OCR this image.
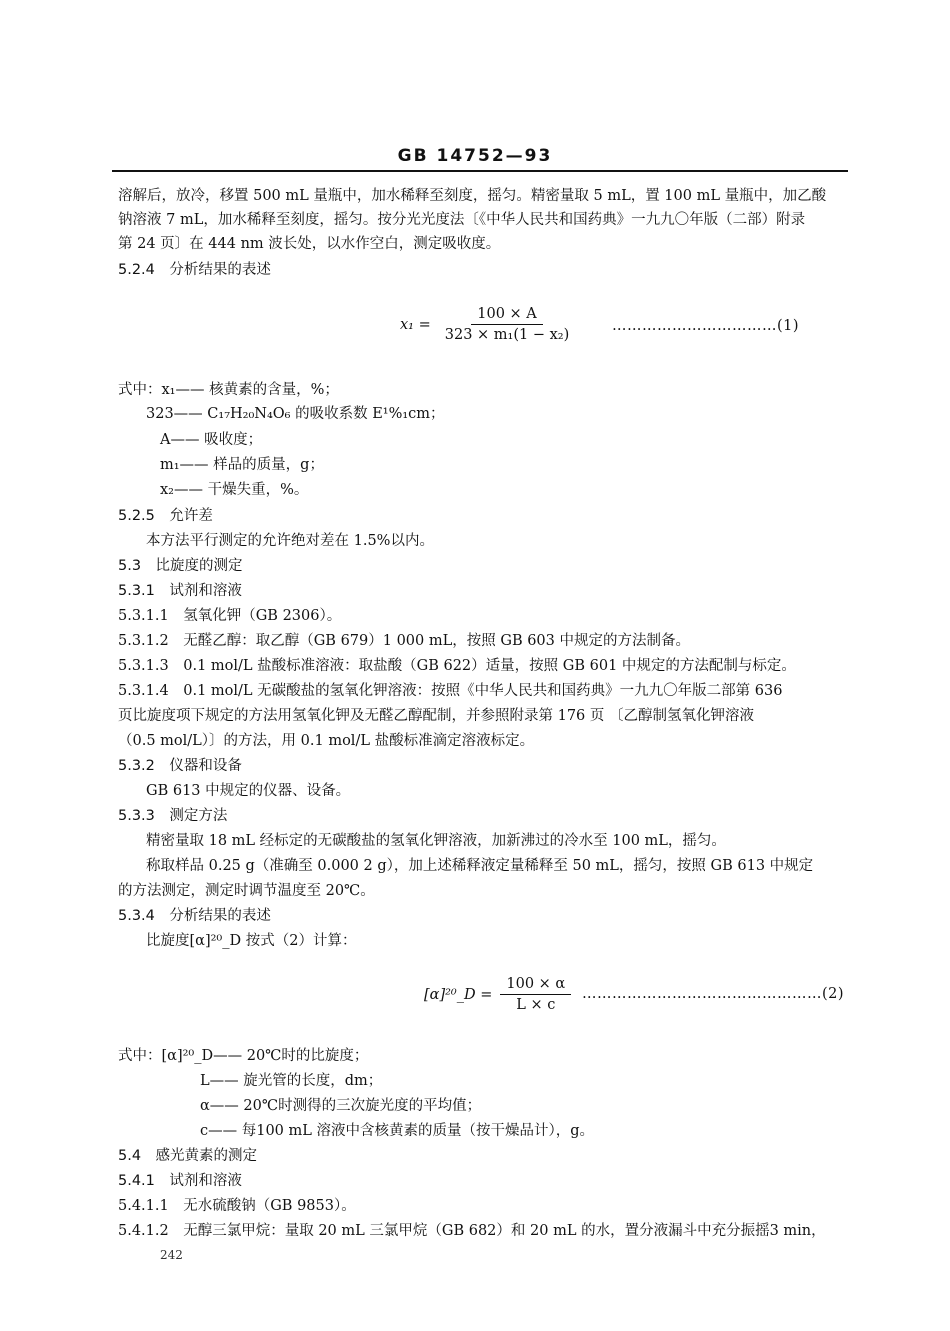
GB 14752—93
溶解后，放冷，移置 500 mL 量瓶中，加水稀释至刻度，摇匀。精密量取 5 mL，置 100 mL 量瓶中，加乙酸
钠溶液 7 mL，加水稀释至刻度，摇匀。按分光光度法〔《中华人民共和国药典》一九九〇年版（二部）附录
第 24 页〕在 444 nm 波长处，以水作空白，测定吸收度。
5.2.4　分析结果的表述
$x_1 = \frac{100 \times A}{\text{323 × m₁(1 − x₂)}}$	……………………………(1)
式中：x₁—— 核黄素的含量，%；
323—— C₁₇H₂₀N₄O₆ 的吸收系数 E¹%₁cm；
A—— 吸收度；
m₁—— 样品的质量，g；
x₂—— 干燥失重，%。
5.2.5　允许差
本方法平行测定的允许绝对差在 1.5%以内。
5.3　比旋度的测定
5.3.1　试剂和溶液
5.3.1.1　氢氧化钾（GB 2306）。
5.3.1.2　无醛乙醇：取乙醇（GB 679）1 000 mL，按照 GB 603 中规定的方法制备。
5.3.1.3　0.1 mol/L 盐酸标准溶液：取盐酸（GB 622）适量，按照 GB 601 中规定的方法配制与标定。
5.3.1.4　0.1 mol/L 无碳酸盐的氢氧化钾溶液：按照《中华人民共和国药典》一九九〇年版二部第 636
页比旋度项下规定的方法用氢氧化钾及无醛乙醇配制，并参照附录第 176 页 〔乙醇制氢氧化钾溶液
（0.5 mol/L）〕的方法，用 0.1 mol/L 盐酸标准滴定溶液标定。
5.3.2　仪器和设备
GB 613 中规定的仪器、设备。
5.3.3　测定方法
精密量取 18 mL 经标定的无碳酸盐的氢氧化钾溶液，加新沸过的冷水至 100 mL，摇匀。
称取样品 0.25 g（准确至 0.000 2 g），加上述稀释液定量稀释至 50 mL，摇匀，按照 GB 613 中规定
的方法测定，测定时调节温度至 20℃。
5.3.4　分析结果的表述
比旋度[α]²⁰_D 按式（2）计算：
[α]²⁰_D = $\frac{100 \times \alpha}{L \times c}$ …………………………………………(2)
式中：[α]²⁰_D—— 20℃时的比旋度；
L—— 旋光管的长度，dm；
α—— 20℃时测得的三次旋光度的平均值；
c—— 每100 mL 溶液中含核黄素的质量（按干燥品计），g。
5.4　感光黄素的测定
5.4.1　试剂和溶液
5.4.1.1　无水硫酸钠（GB 9853）。
5.4.1.2　无醇三氯甲烷：量取 20 mL 三氯甲烷（GB 682）和 20 mL 的水，置分液漏斗中充分振摇3 min，
242
